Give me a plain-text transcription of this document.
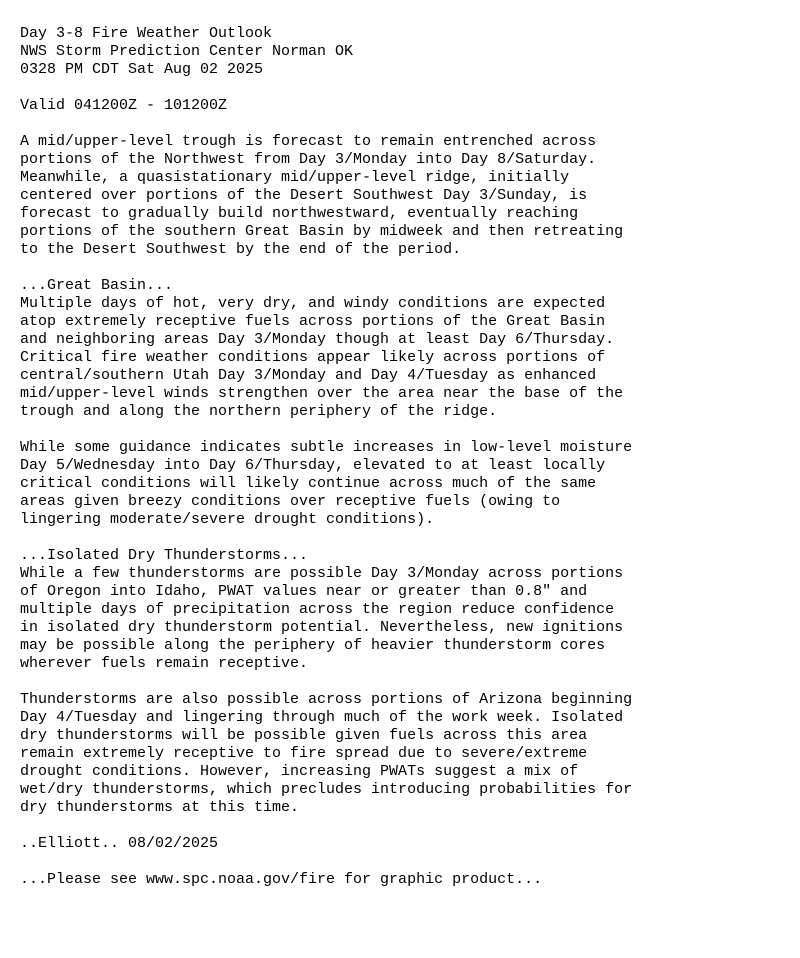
Day 3-8 Fire Weather Outlook
NWS Storm Prediction Center Norman OK
0328 PM CDT Sat Aug 02 2025
Valid 041200Z - 101200Z
A mid/upper-level trough is forecast to remain entrenched across
portions of the Northwest from Day 3/Monday into Day 8/Saturday.
Meanwhile, a quasistationary mid/upper-level ridge, initially
centered over portions of the Desert Southwest Day 3/Sunday, is
forecast to gradually build northwestward, eventually reaching
portions of the southern Great Basin by midweek and then retreating
to the Desert Southwest by the end of the period.
...Great Basin...
Multiple days of hot, very dry, and windy conditions are expected
atop extremely receptive fuels across portions of the Great Basin
and neighboring areas Day 3/Monday though at least Day 6/Thursday.
Critical fire weather conditions appear likely across portions of
central/southern Utah Day 3/Monday and Day 4/Tuesday as enhanced
mid/upper-level winds strengthen over the area near the base of the
trough and along the northern periphery of the ridge.
While some guidance indicates subtle increases in low-level moisture
Day 5/Wednesday into Day 6/Thursday, elevated to at least locally
critical conditions will likely continue across much of the same
areas given breezy conditions over receptive fuels (owing to
lingering moderate/severe drought conditions).
...Isolated Dry Thunderstorms...
While a few thunderstorms are possible Day 3/Monday across portions
of Oregon into Idaho, PWAT values near or greater than 0.8" and
multiple days of precipitation across the region reduce confidence
in isolated dry thunderstorm potential. Nevertheless, new ignitions
may be possible along the periphery of heavier thunderstorm cores
wherever fuels remain receptive.
Thunderstorms are also possible across portions of Arizona beginning
Day 4/Tuesday and lingering through much of the work week. Isolated
dry thunderstorms will be possible given fuels across this area
remain extremely receptive to fire spread due to severe/extreme
drought conditions. However, increasing PWATs suggest a mix of
wet/dry thunderstorms, which precludes introducing probabilities for
dry thunderstorms at this time.
..Elliott.. 08/02/2025
...Please see www.spc.noaa.gov/fire for graphic product...
